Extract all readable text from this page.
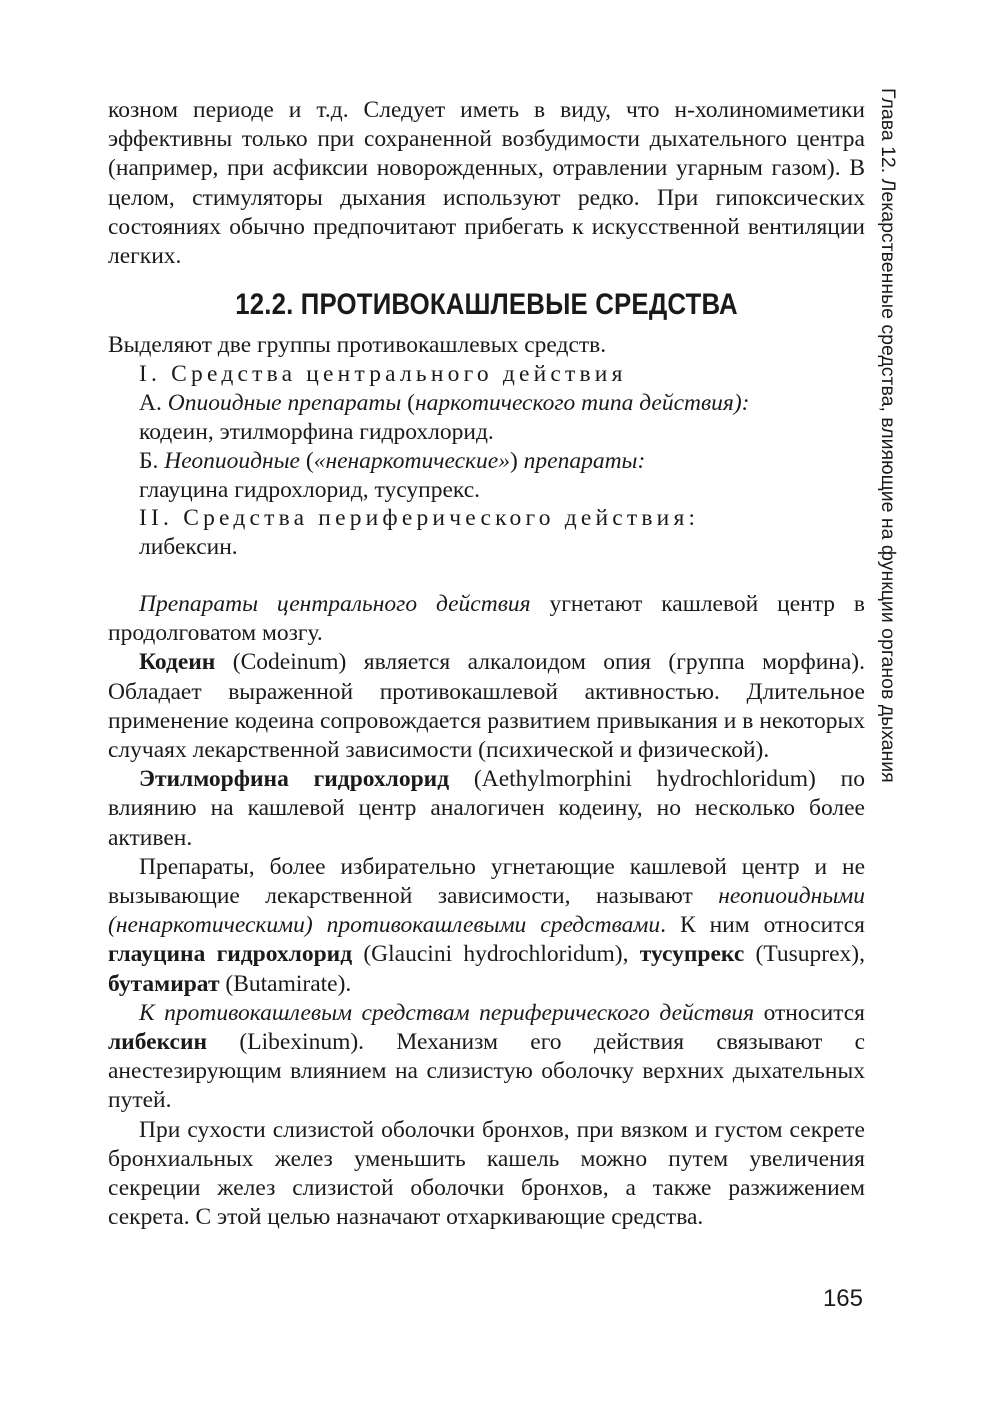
козном периоде и т.д. Следует иметь в виду, что н-холиномиметики эффективны только при сохраненной возбудимости дыхательного центра (например, при асфиксии новорожденных, отравлении угарным газом). В целом, стимуляторы дыхания используют редко. При гипоксических состояниях обычно предпочитают прибегать к искусственной вентиляции легких.

12.2. ПРОТИВОКАШЛЕВЫЕ СРЕДСТВА

Выделяют две группы противокашлевых средств.

I. Средства центрального действия

А. Опиоидные препараты (наркотического типа действия):

кодеин, этилморфина гидрохлорид.

Б. Неопиоидные («ненаркотические») препараты:

глауцина гидрохлорид, тусупрекс.

II. Средства периферического действия:

либексин.

Препараты центрального действия угнетают кашлевой центр в продолговатом мозгу.

Кодеин (Codeinum) является алкалоидом опия (группа морфина). Обладает выраженной противокашлевой активностью. Длительное применение кодеина сопровождается развитием привыкания и в некоторых случаях лекарственной зависимости (психической и физической).

Этилморфина гидрохлорид (Aethylmorphini hydrochloridum) по влиянию на кашлевой центр аналогичен кодеину, но несколько более активен.

Препараты, более избирательно угнетающие кашлевой центр и не вызывающие лекарственной зависимости, называют неопиоидными (ненаркотическими) противокашлевыми средствами. К ним относится глауцина гидрохлорид (Glaucini hydrochloridum), тусупрекс (Tusuprex), бутамират (Butamirate).

К противокашлевым средствам периферического действия относится либексин (Libexinum). Механизм его действия связывают с анестезирующим влиянием на слизистую оболочку верхних дыхательных путей.

При сухости слизистой оболочки бронхов, при вязком и густом секрете бронхиальных желез уменьшить кашель можно путем увеличения секреции желез слизистой оболочки бронхов, а также разжижением секрета. С этой целью назначают отхаркивающие средства.

Глава 12. Лекарственные средства, влияющие на функции органов дыхания
165
